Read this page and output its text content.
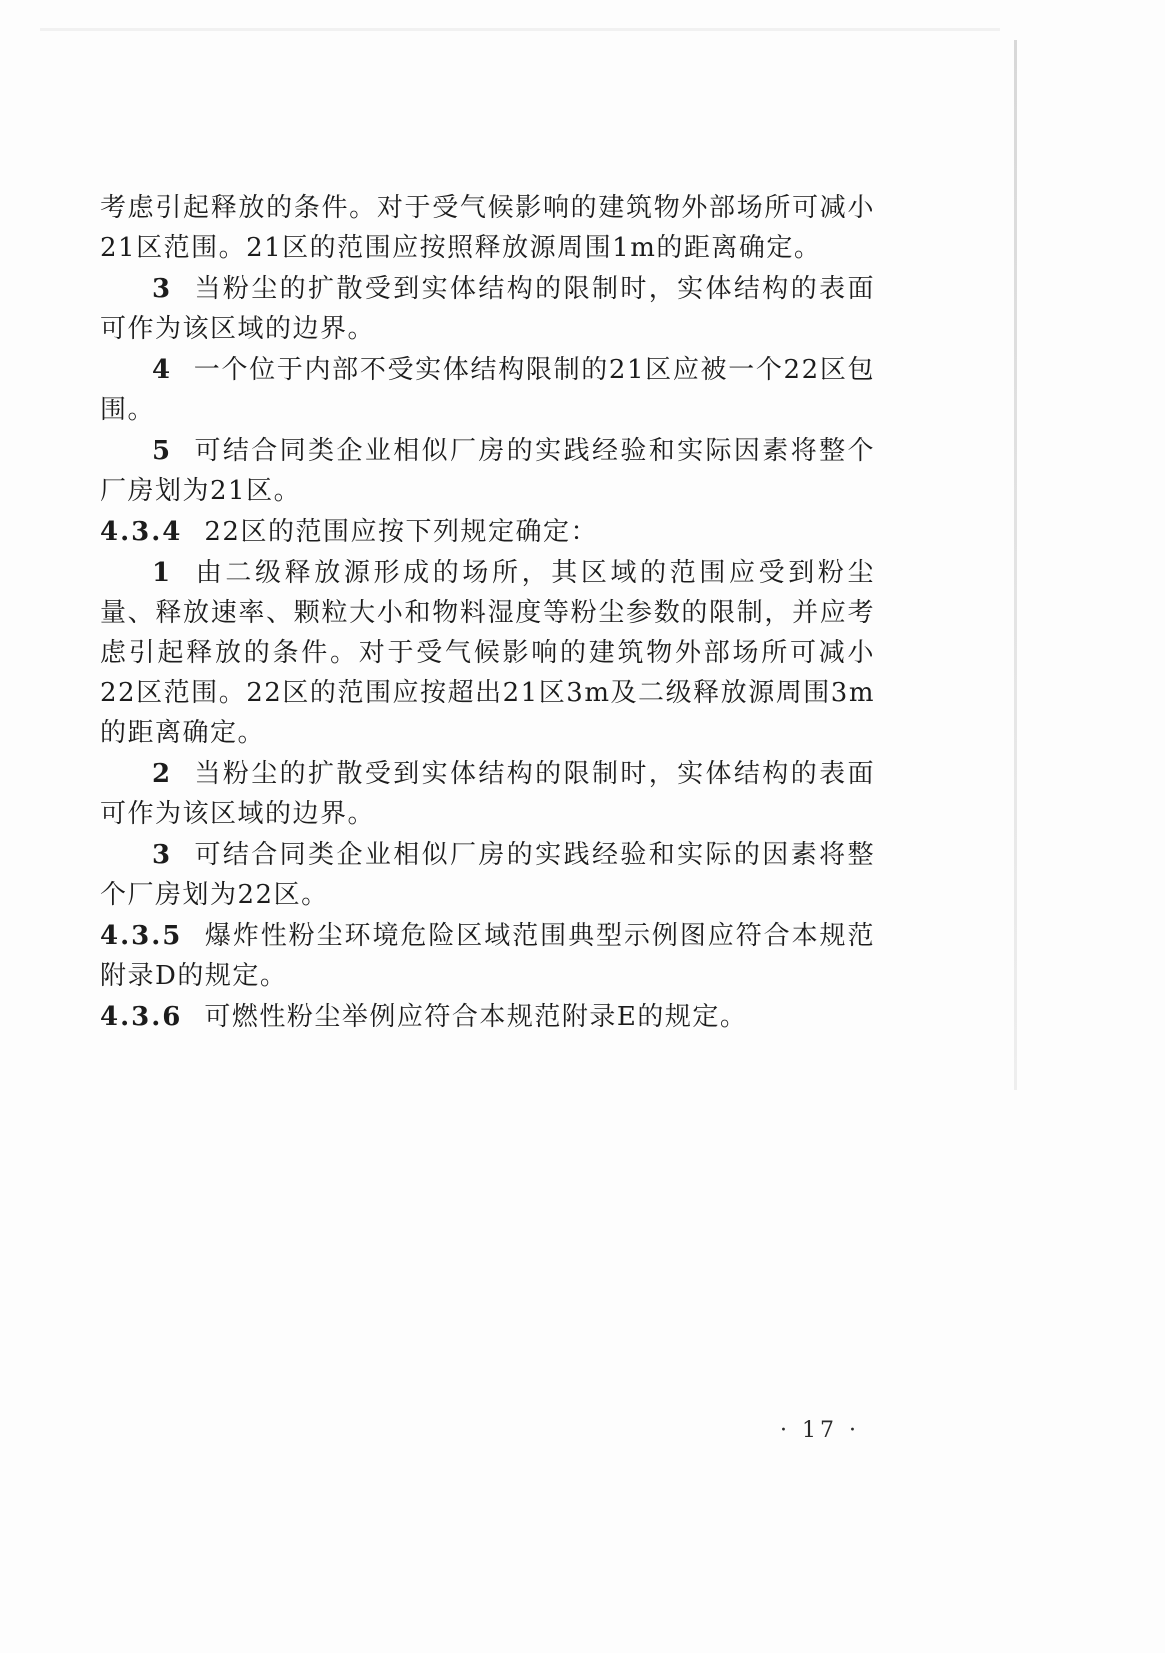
考虑引起释放的条件。对于受气候影响的建筑物外部场所可减小21区范围。21区的范围应按照释放源周围1m的距离确定。

3 当粉尘的扩散受到实体结构的限制时，实体结构的表面可作为该区域的边界。

4 一个位于内部不受实体结构限制的21区应被一个22区包围。

5 可结合同类企业相似厂房的实践经验和实际因素将整个厂房划为21区。

4.3.4 22区的范围应按下列规定确定：

1 由二级释放源形成的场所，其区域的范围应受到粉尘量、释放速率、颗粒大小和物料湿度等粉尘参数的限制，并应考虑引起释放的条件。对于受气候影响的建筑物外部场所可减小22区范围。22区的范围应按超出21区3m及二级释放源周围3m的距离确定。

2 当粉尘的扩散受到实体结构的限制时，实体结构的表面可作为该区域的边界。

3 可结合同类企业相似厂房的实践经验和实际的因素将整个厂房划为22区。

4.3.5 爆炸性粉尘环境危险区域范围典型示例图应符合本规范附录D的规定。

4.3.6 可燃性粉尘举例应符合本规范附录E的规定。

· 17 ·
